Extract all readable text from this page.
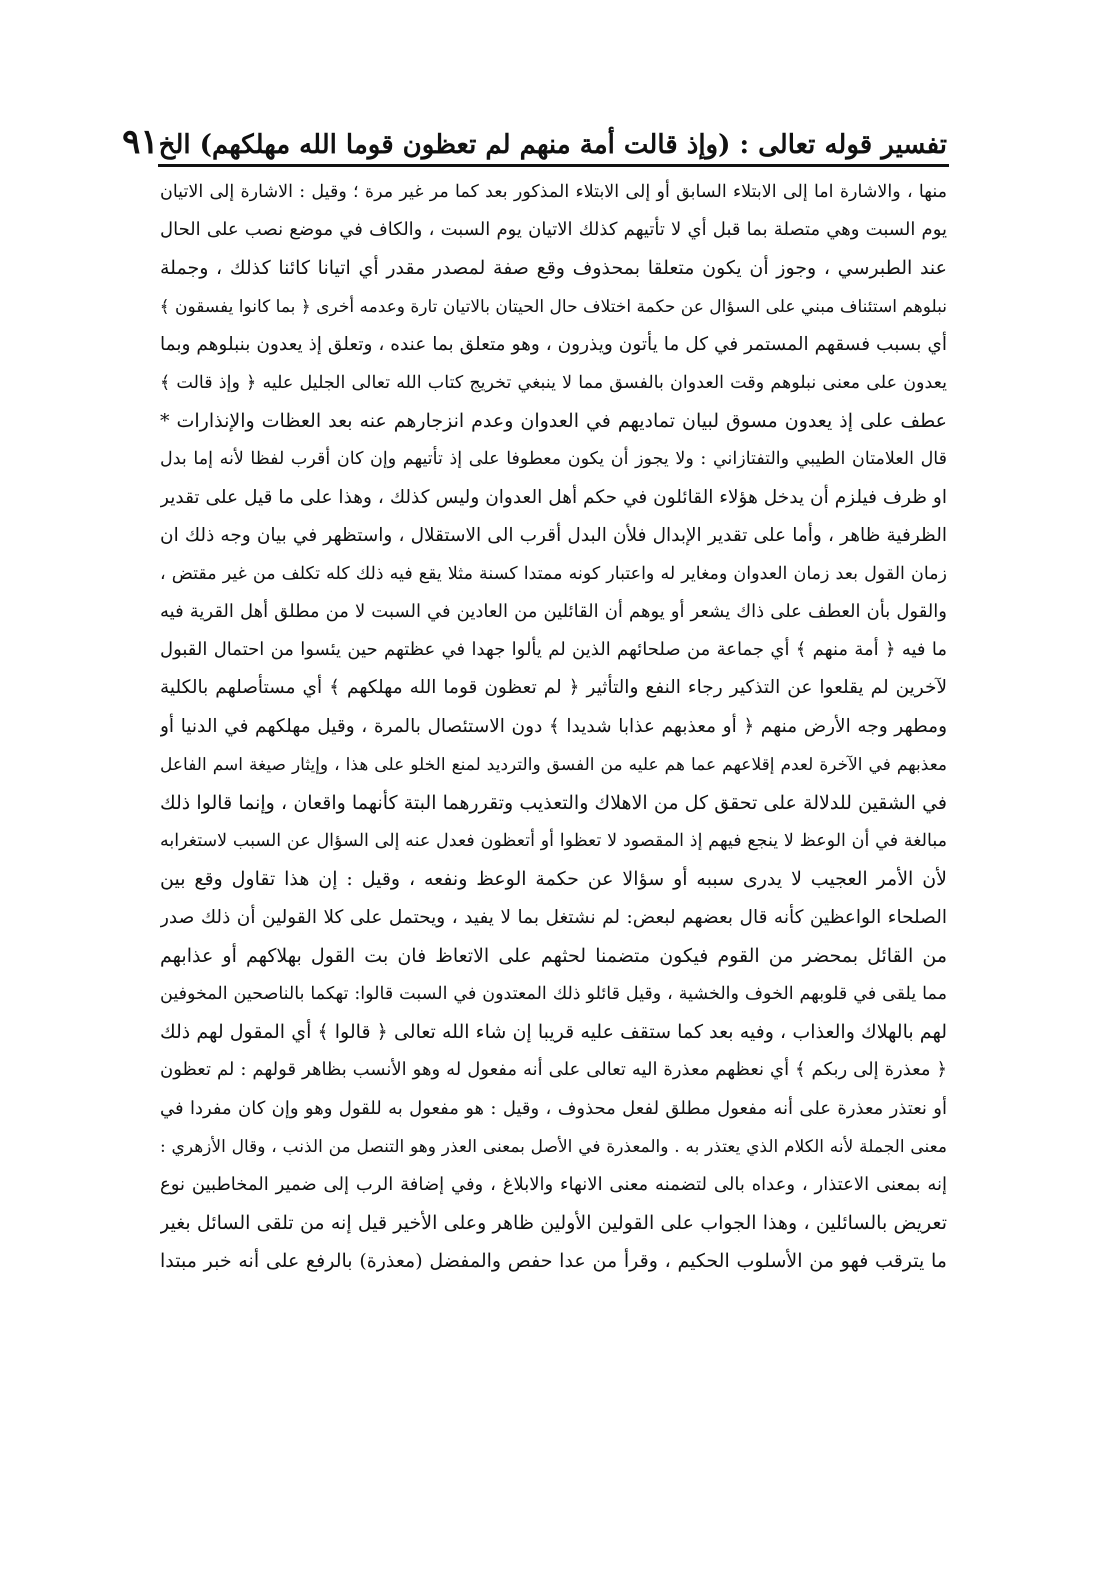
تفسير قوله تعالى : (وإذ قالت أمة منهم لم تعظون قوما الله مهلكهم) الخ
٩١
منها ، والاشارة اما إلى الابتلاء السابق أو إلى الابتلاء المذكور بعد كما مر غير مرة ؛ وقيل : الاشارة إلى الاتيان
يوم السبت وهي متصلة بما قبل أي لا تأتيهم كذلك الاتيان يوم السبت ، والكاف في موضع نصب على الحال
عند الطبرسي ، وجوز أن يكون متعلقا بمحذوف وقع صفة لمصدر مقدر أي اتيانا كائنا كذلك ، وجملة
نبلوهم استئناف مبني على السؤال عن حكمة اختلاف حال الحيتان بالاتيان تارة وعدمه أخرى ﴿ بما كانوا يفسقون ﴾
أي بسبب فسقهم المستمر في كل ما يأتون ويذرون ، وهو متعلق بما عنده ، وتعلق إذ يعدون بنبلوهم وبما
يعدون على معنى نبلوهم وقت العدوان بالفسق مما لا ينبغي تخريج كتاب الله تعالى الجليل عليه ﴿ وإذ قالت ﴾
عطف على إذ يعدون مسوق لبيان تماديهم في العدوان وعدم انزجارهم عنه بعد العظات والإنذارات *
قال العلامتان الطيبي والتفتازاني : ولا يجوز أن يكون معطوفا على إذ تأتيهم وإن كان أقرب لفظا لأنه إما بدل
او ظرف فيلزم أن يدخل هؤلاء القائلون في حكم أهل العدوان وليس كذلك ، وهذا على ما قيل على تقدير
الظرفية ظاهر ، وأما على تقدير الإبدال فلأن البدل أقرب الى الاستقلال ، واستظهر في بيان وجه ذلك ان
زمان القول بعد زمان العدوان ومغاير له واعتبار كونه ممتدا كسنة مثلا يقع فيه ذلك كله تكلف من غير مقتض ،
والقول بأن العطف على ذاك يشعر أو يوهم أن القائلين من العادين في السبت لا من مطلق أهل القرية فيه
ما فيه ﴿ أمة منهم ﴾ أي جماعة من صلحائهم الذين لم يألوا جهدا في عظتهم حين يئسوا من احتمال القبول
لآخرين لم يقلعوا عن التذكير رجاء النفع والتأثير ﴿ لم تعظون قوما الله مهلكهم ﴾ أي مستأصلهم بالكلية
ومطهر وجه الأرض منهم ﴿ أو معذبهم عذابا شديدا ﴾ دون الاستئصال بالمرة ، وقيل مهلكهم في الدنيا أو
معذبهم في الآخرة لعدم إقلاعهم عما هم عليه من الفسق والترديد لمنع الخلو على هذا ، وإيثار صيغة اسم الفاعل
في الشقين للدلالة على تحقق كل من الاهلاك والتعذيب وتقررهما البتة كأنهما واقعان ، وإنما قالوا ذلك
مبالغة في أن الوعظ لا ينجع فيهم إذ المقصود لا تعظوا أو أتعظون فعدل عنه إلى السؤال عن السبب لاستغرابه
لأن الأمر العجيب لا يدرى سببه أو سؤالا عن حكمة الوعظ ونفعه ، وقيل : إن هذا تقاول وقع بين
الصلحاء الواعظين كأنه قال بعضهم لبعض: لم نشتغل بما لا يفيد ، ويحتمل على كلا القولين أن ذلك صدر
من القائل بمحضر من القوم فيكون متضمنا لحثهم على الاتعاظ فان بت القول بهلاكهم أو عذابهم
مما يلقى في قلوبهم الخوف والخشية ، وقيل قائلو ذلك المعتدون في السبت قالوا: تهكما بالناصحين المخوفين
لهم بالهلاك والعذاب ، وفيه بعد كما ستقف عليه قريبا إن شاء الله تعالى ﴿ قالوا ﴾ أي المقول لهم ذلك
﴿ معذرة إلى ربكم ﴾ أي نعظهم معذرة اليه تعالى على أنه مفعول له وهو الأنسب بظاهر قولهم : لم تعظون
أو نعتذر معذرة على أنه مفعول مطلق لفعل محذوف ، وقيل : هو مفعول به للقول وهو وإن كان مفردا في
معنى الجملة لأنه الكلام الذي يعتذر به . والمعذرة في الأصل بمعنى العذر وهو التنصل من الذنب ، وقال الأزهري :
إنه بمعنى الاعتذار ، وعداه بالى لتضمنه معنى الانهاء والابلاغ ، وفي إضافة الرب إلى ضمير المخاطبين نوع
تعريض بالسائلين ، وهذا الجواب على القولين الأولين ظاهر وعلى الأخير قيل إنه من تلقى السائل بغير
ما يترقب فهو من الأسلوب الحكيم ، وقرأ من عدا حفص والمفضل (معذرة) بالرفع على أنه خبر مبتدا
